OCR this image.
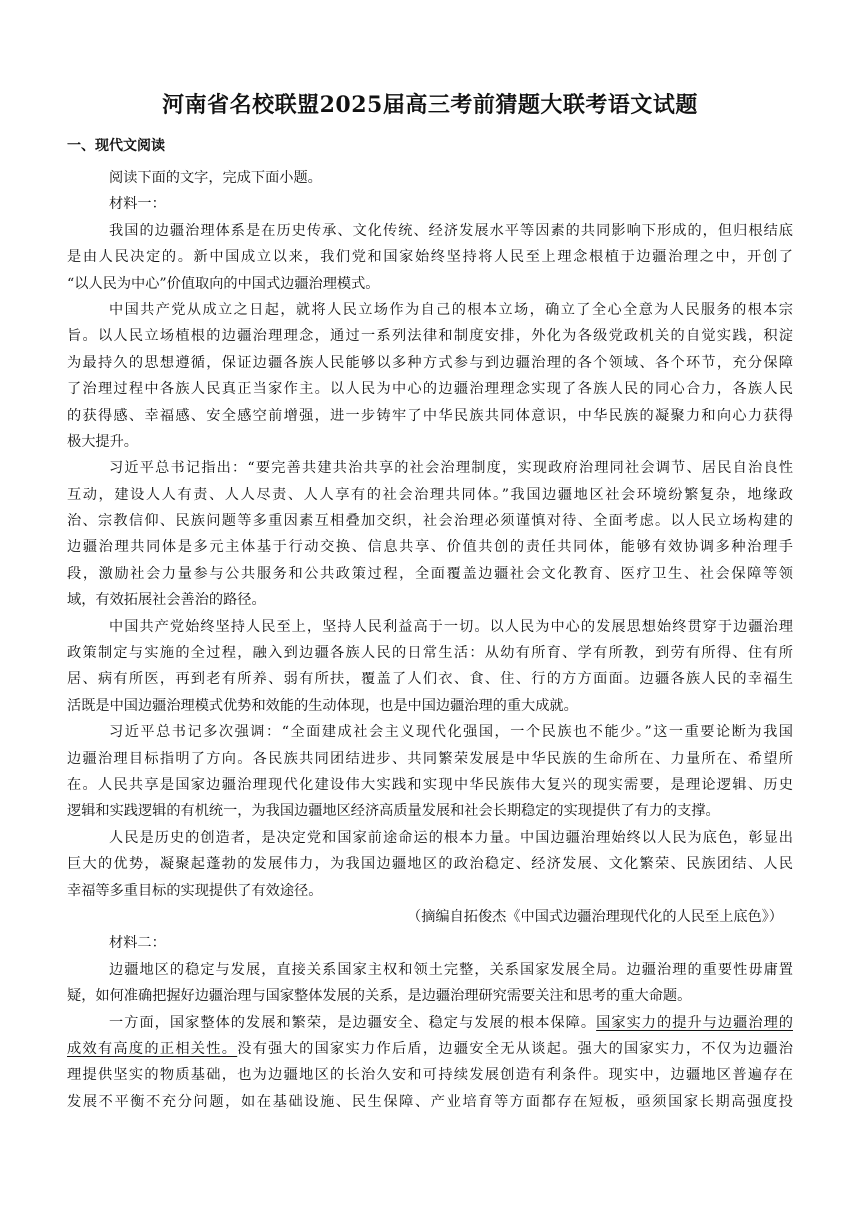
河南省名校联盟2025届高三考前猜题大联考语文试题
一、现代文阅读
阅读下面的文字，完成下面小题。
材料一：
我国的边疆治理体系是在历史传承、文化传统、经济发展水平等因素的共同影响下形成的，但归根结底
是由人民决定的。新中国成立以来，我们党和国家始终坚持将人民至上理念根植于边疆治理之中，开创了
“以人民为中心”价值取向的中国式边疆治理模式。
中国共产党从成立之日起，就将人民立场作为自己的根本立场，确立了全心全意为人民服务的根本宗
旨。以人民立场植根的边疆治理理念，通过一系列法律和制度安排，外化为各级党政机关的自觉实践，积淀
为最持久的思想遵循，保证边疆各族人民能够以多种方式参与到边疆治理的各个领域、各个环节，充分保障
了治理过程中各族人民真正当家作主。以人民为中心的边疆治理理念实现了各族人民的同心合力，各族人民
的获得感、幸福感、安全感空前增强，进一步铸牢了中华民族共同体意识，中华民族的凝聚力和向心力获得
极大提升。
习近平总书记指出：“要完善共建共治共享的社会治理制度，实现政府治理同社会调节、居民自治良性
互动，建设人人有责、人人尽责、人人享有的社会治理共同体。”我国边疆地区社会环境纷繁复杂，地缘政
治、宗教信仰、民族问题等多重因素互相叠加交织，社会治理必须谨慎对待、全面考虑。以人民立场构建的
边疆治理共同体是多元主体基于行动交换、信息共享、价值共创的责任共同体，能够有效协调多种治理手
段，激励社会力量参与公共服务和公共政策过程，全面覆盖边疆社会文化教育、医疗卫生、社会保障等领
域，有效拓展社会善治的路径。
中国共产党始终坚持人民至上，坚持人民利益高于一切。以人民为中心的发展思想始终贯穿于边疆治理
政策制定与实施的全过程，融入到边疆各族人民的日常生活：从幼有所育、学有所教，到劳有所得、住有所
居、病有所医，再到老有所养、弱有所扶，覆盖了人们衣、食、住、行的方方面面。边疆各族人民的幸福生
活既是中国边疆治理模式优势和效能的生动体现，也是中国边疆治理的重大成就。
习近平总书记多次强调：“全面建成社会主义现代化强国，一个民族也不能少。”这一重要论断为我国
边疆治理目标指明了方向。各民族共同团结进步、共同繁荣发展是中华民族的生命所在、力量所在、希望所
在。人民共享是国家边疆治理现代化建设伟大实践和实现中华民族伟大复兴的现实需要，是理论逻辑、历史
逻辑和实践逻辑的有机统一，为我国边疆地区经济高质量发展和社会长期稳定的实现提供了有力的支撑。
人民是历史的创造者，是决定党和国家前途命运的根本力量。中国边疆治理始终以人民为底色，彰显出
巨大的优势，凝聚起蓬勃的发展伟力，为我国边疆地区的政治稳定、经济发展、文化繁荣、民族团结、人民
幸福等多重目标的实现提供了有效途径。
（摘编自拓俊杰《中国式边疆治理现代化的人民至上底色》）
材料二：
边疆地区的稳定与发展，直接关系国家主权和领土完整，关系国家发展全局。边疆治理的重要性毋庸置
疑，如何准确把握好边疆治理与国家整体发展的关系，是边疆治理研究需要关注和思考的重大命题。
一方面，国家整体的发展和繁荣，是边疆安全、稳定与发展的根本保障。国家实力的提升与边疆治理的
成效有高度的正相关性。没有强大的国家实力作后盾，边疆安全无从谈起。强大的国家实力，不仅为边疆治
理提供坚实的物质基础，也为边疆地区的长治久安和可持续发展创造有利条件。现实中，边疆地区普遍存在
发展不平衡不充分问题，如在基础设施、民生保障、产业培育等方面都存在短板，亟须国家长期高强度投
